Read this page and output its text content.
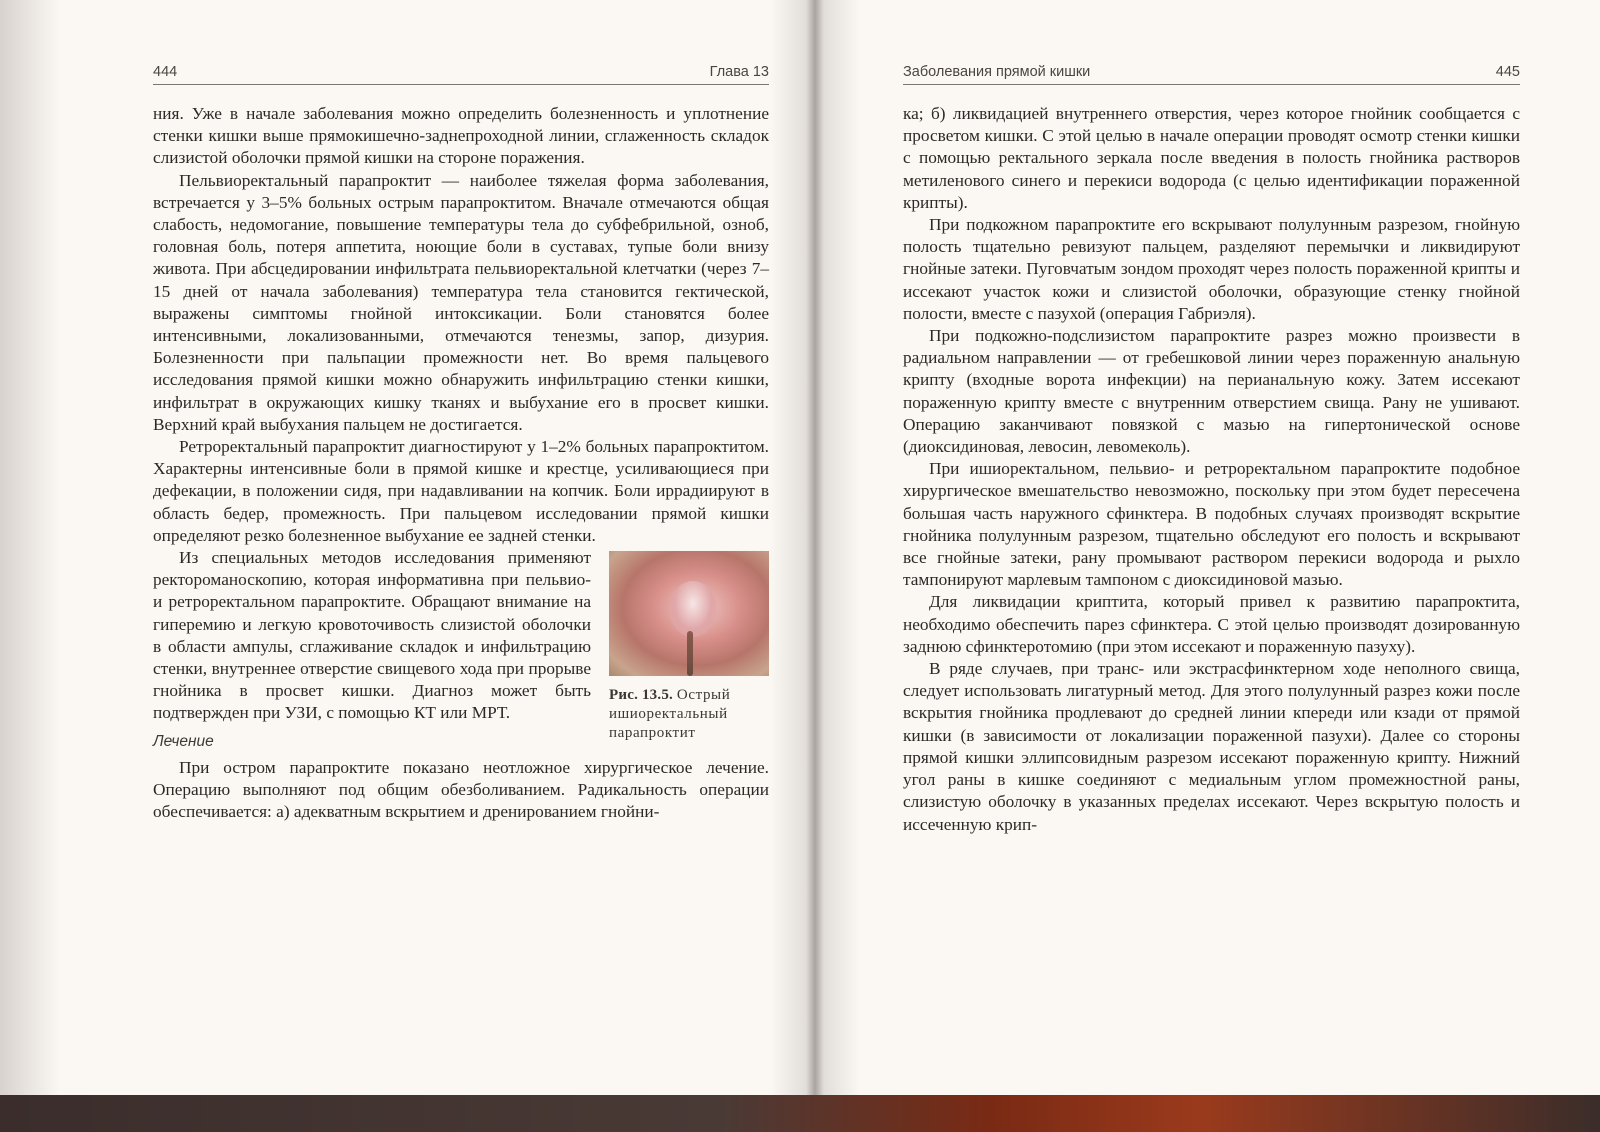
444	Глава 13

ния. Уже в начале заболевания можно определить болезненность и уплотнение стенки кишки выше прямокишечно-заднепроходной линии, сглаженность складок слизистой оболочки прямой кишки на стороне поражения.

Пельвиоректальный парапроктит — наиболее тяжелая форма заболевания, встречается у 3–5% больных острым парапроктитом. Вначале отмечаются общая слабость, недомогание, повышение температуры тела до субфебрильной, озноб, головная боль, потеря аппетита, ноющие боли в суставах, тупые боли внизу живота. При абсцедировании инфильтрата пельвиоректальной клетчатки (через 7–15 дней от начала заболевания) температура тела становится гектической, выражены симптомы гнойной интоксикации. Боли становятся более интенсивными, локализованными, отмечаются тенезмы, запор, дизурия. Болезненности при пальпации промежности нет. Во время пальцевого исследования прямой кишки можно обнаружить инфильтрацию стенки кишки, инфильтрат в окружающих кишку тканях и выбухание его в просвет кишки. Верхний край выбухания пальцем не достигается.

Ретроректальный парапроктит диагностируют у 1–2% больных парапроктитом. Характерны интенсивные боли в прямой кишке и крестце, усиливающиеся при дефекации, в положении сидя, при надавливании на копчик. Боли иррадиируют в область бедер, промежность. При пальцевом исследовании прямой кишки определяют резко болезненное выбухание ее задней стенки.

Рис. 13.5. Острый ишиоректальный парапроктит

Из специальных методов исследования применяют ректороманоскопию, которая информативна при пельвио- и ретроректальном парапроктите. Обращают внимание на гиперемию и легкую кровоточивость слизистой оболочки в области ампулы, сглаживание складок и инфильтрацию стенки, внутреннее отверстие свищевого хода при прорыве гнойника в просвет кишки. Диагноз может быть подтвержден при УЗИ, с помощью КТ или МРТ.

Лечение

При остром парапроктите показано неотложное хирургическое лечение. Операцию выполняют под общим обезболиванием. Радикальность операции обеспечивается: а) адекватным вскрытием и дренированием гнойни-

Заболевания прямой кишки	445

ка; б) ликвидацией внутреннего отверстия, через которое гнойник сообщается с просветом кишки. С этой целью в начале операции проводят осмотр стенки кишки с помощью ректального зеркала после введения в полость гнойника растворов метиленового синего и перекиси водорода (с целью идентификации пораженной крипты).

При подкожном парапроктите его вскрывают полулунным разрезом, гнойную полость тщательно ревизуют пальцем, разделяют перемычки и ликвидируют гнойные затеки. Пуговчатым зондом проходят через полость пораженной крипты и иссекают участок кожи и слизистой оболочки, образующие стенку гнойной полости, вместе с пазухой (операция Габриэля).

При подкожно-подслизистом парапроктите разрез можно произвести в радиальном направлении — от гребешковой линии через пораженную анальную крипту (входные ворота инфекции) на перианальную кожу. Затем иссекают пораженную крипту вместе с внутренним отверстием свища. Рану не ушивают. Операцию заканчивают повязкой с мазью на гипертонической основе (диоксидиновая, левосин, левомеколь).

При ишиоректальном, пельвио- и ретроректальном парапроктите подобное хирургическое вмешательство невозможно, поскольку при этом будет пересечена большая часть наружного сфинктера. В подобных случаях производят вскрытие гнойника полулунным разрезом, тщательно обследуют его полость и вскрывают все гнойные затеки, рану промывают раствором перекиси водорода и рыхло тампонируют марлевым тампоном с диоксидиновой мазью.

Для ликвидации криптита, который привел к развитию парапроктита, необходимо обеспечить парез сфинктера. С этой целью производят дозированную заднюю сфинктеротомию (при этом иссекают и пораженную пазуху).

В ряде случаев, при транс- или экстрасфинктерном ходе неполного свища, следует использовать лигатурный метод. Для этого полулунный разрез кожи после вскрытия гнойника продлевают до средней линии кпереди или кзади от прямой кишки (в зависимости от локализации пораженной пазухи). Далее со стороны прямой кишки эллипсовидным разрезом иссекают пораженную крипту. Нижний угол раны в кишке соединяют с медиальным углом промежностной раны, слизистую оболочку в указанных пределах иссекают. Через вскрытую полость и иссеченную крип-
